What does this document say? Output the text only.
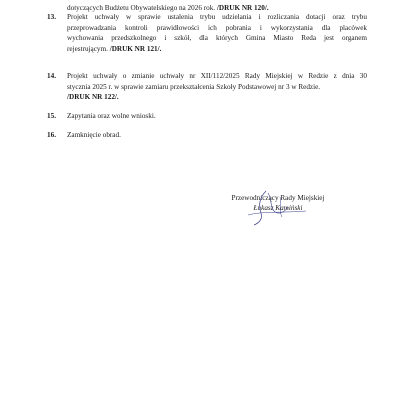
dotyczących Budżetu Obywatelskiego na 2026 rok. /DRUK NR 120/.
13.	Projekt uchwały w sprawie ustalenia trybu udzielania i rozliczania dotacji oraz trybu
przeprowadzania kontroli prawidłowości ich pobrania i wykorzystania dla placówek
wychowania przedszkolnego i szkół, dla których Gmina Miasto Reda jest organem
rejestrującym. /DRUK NR 121/.
14.	Projekt uchwały o zmianie uchwały nr XII/112/2025 Rady Miejskiej w Redzie z dnia 30
stycznia 2025 r. w sprawie zamiaru przekształcenia Szkoły Podstawowej nr 3 w Redzie.
/DRUK NR 122/.
15.	Zapytania oraz wolne wnioski.
16.	Zamknięcie obrad.
Przewodniczący Rady Miejskiej
Łukasz Kamiński
